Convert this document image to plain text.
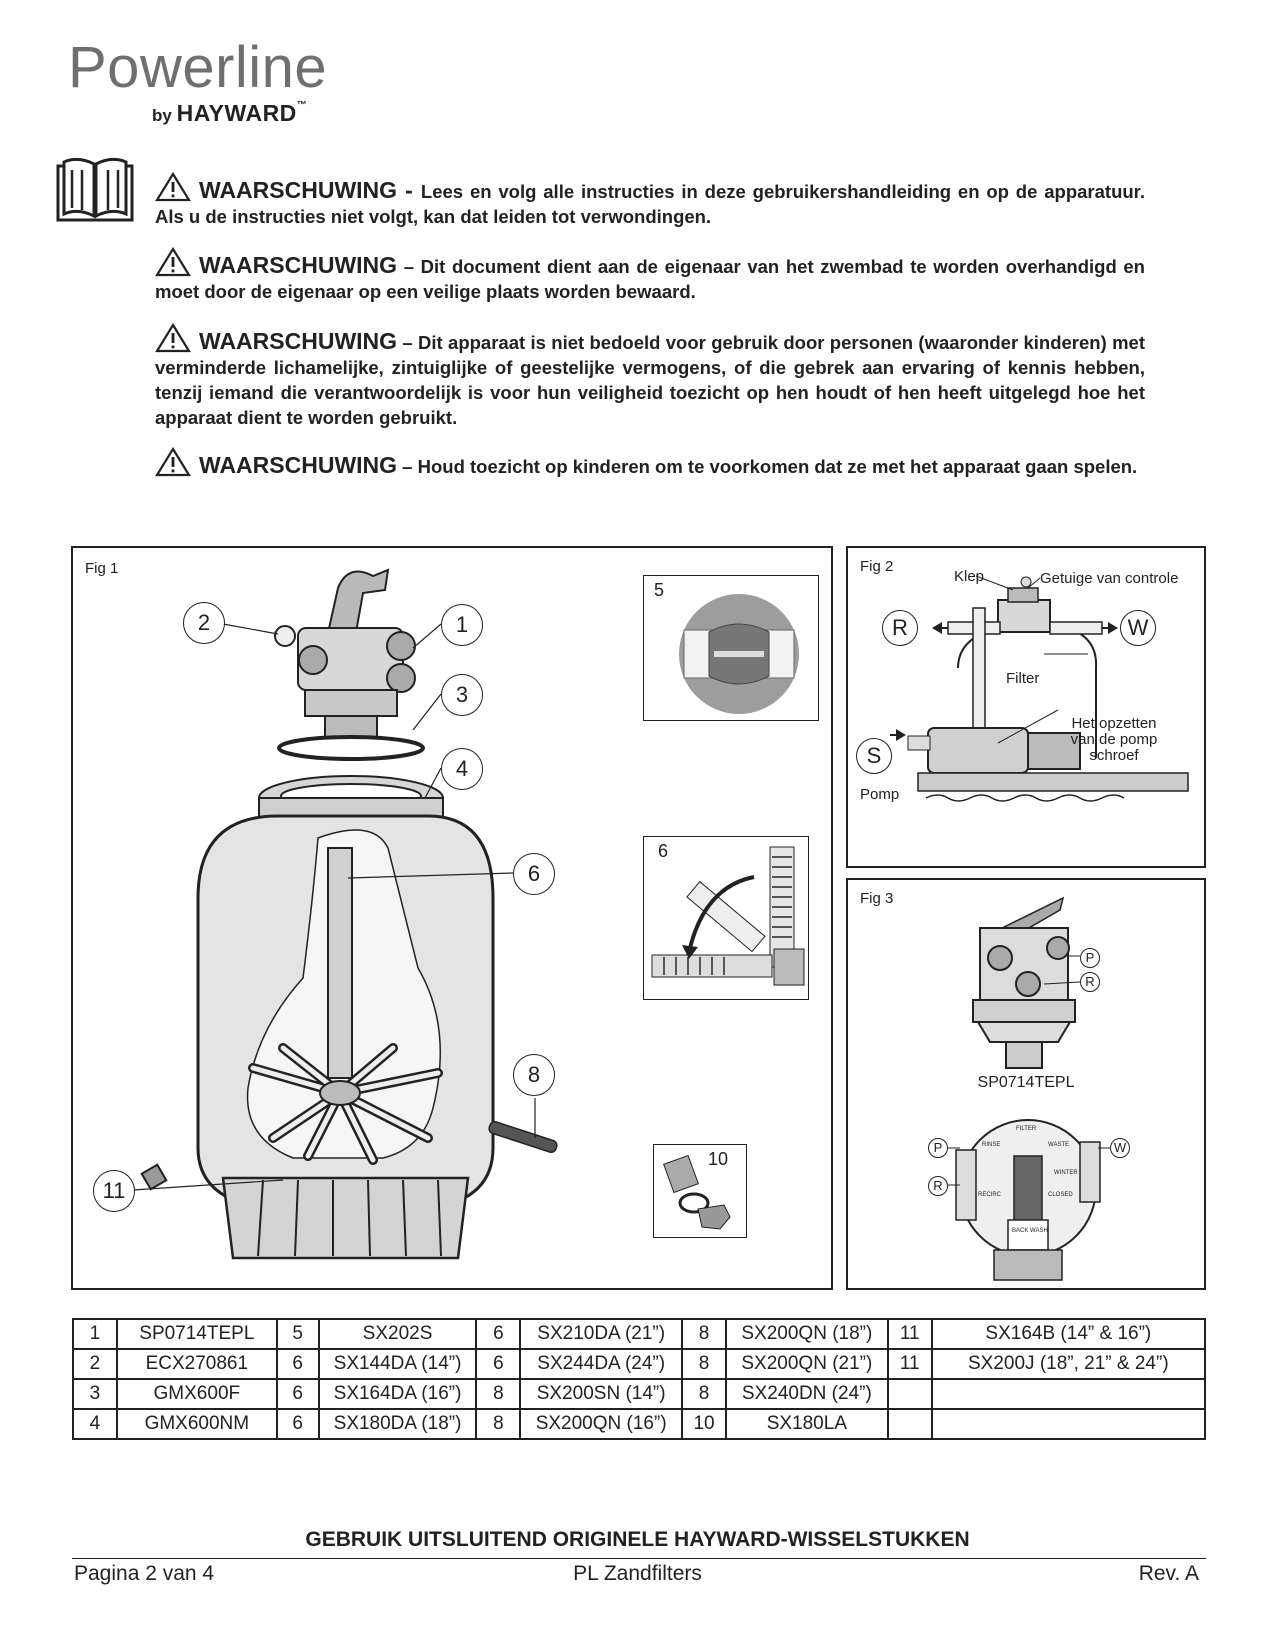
Powerline
by HAYWARD™
WAARSCHUWING - Lees en volg alle instructies in deze gebruikershandleiding en op de apparatuur. Als u de instructies niet volgt, kan dat leiden tot verwondingen.
WAARSCHUWING – Dit document dient aan de eigenaar van het zwembad te worden overhandigd en moet door de eigenaar op een veilige plaats worden bewaard.
WAARSCHUWING – Dit apparaat is niet bedoeld voor gebruik door personen (waaronder kinderen) met verminderde lichamelijke, zintuiglijke of geestelijke vermogens, of die gebrek aan ervaring of kennis hebben, tenzij iemand die verantwoordelijk is voor hun veiligheid toezicht op hen houdt of hen heeft uitgelegd hoe het apparaat dient te worden gebruikt.
WAARSCHUWING – Houd toezicht op kinderen om te voorkomen dat ze met het apparaat gaan spelen.
Fig 1
2	1
3
4
6
8
11
5
6
10
Fig 2
Klep	Getuige van controle
R	W
Filter
Het opzetten
van de pomp
schroef
S
Pomp
Fig 3
P
R
SP0714TEPL
P
R
W
FILTER
RINSE	WASTE
WINTER
CLOSED
RECIRC
BACK WASH
1	SP0714TEPL	5	SX202S	6	SX210DA (21”)	8	SX200QN (18”)	11	SX164B (14” & 16”)
2	ECX270861	6	SX144DA (14”)	6	SX244DA (24”)	8	SX200QN (21”)	11	SX200J (18”, 21” & 24”)
3	GMX600F	6	SX164DA (16”)	8	SX200SN (14”)	8	SX240DN (24”)		
4	GMX600NM	6	SX180DA (18”)	8	SX200QN (16”)	10	SX180LA		
GEBRUIK UITSLUITEND ORIGINELE HAYWARD-WISSELSTUKKEN
Pagina 2 van 4	PL Zandfilters	Rev. A
